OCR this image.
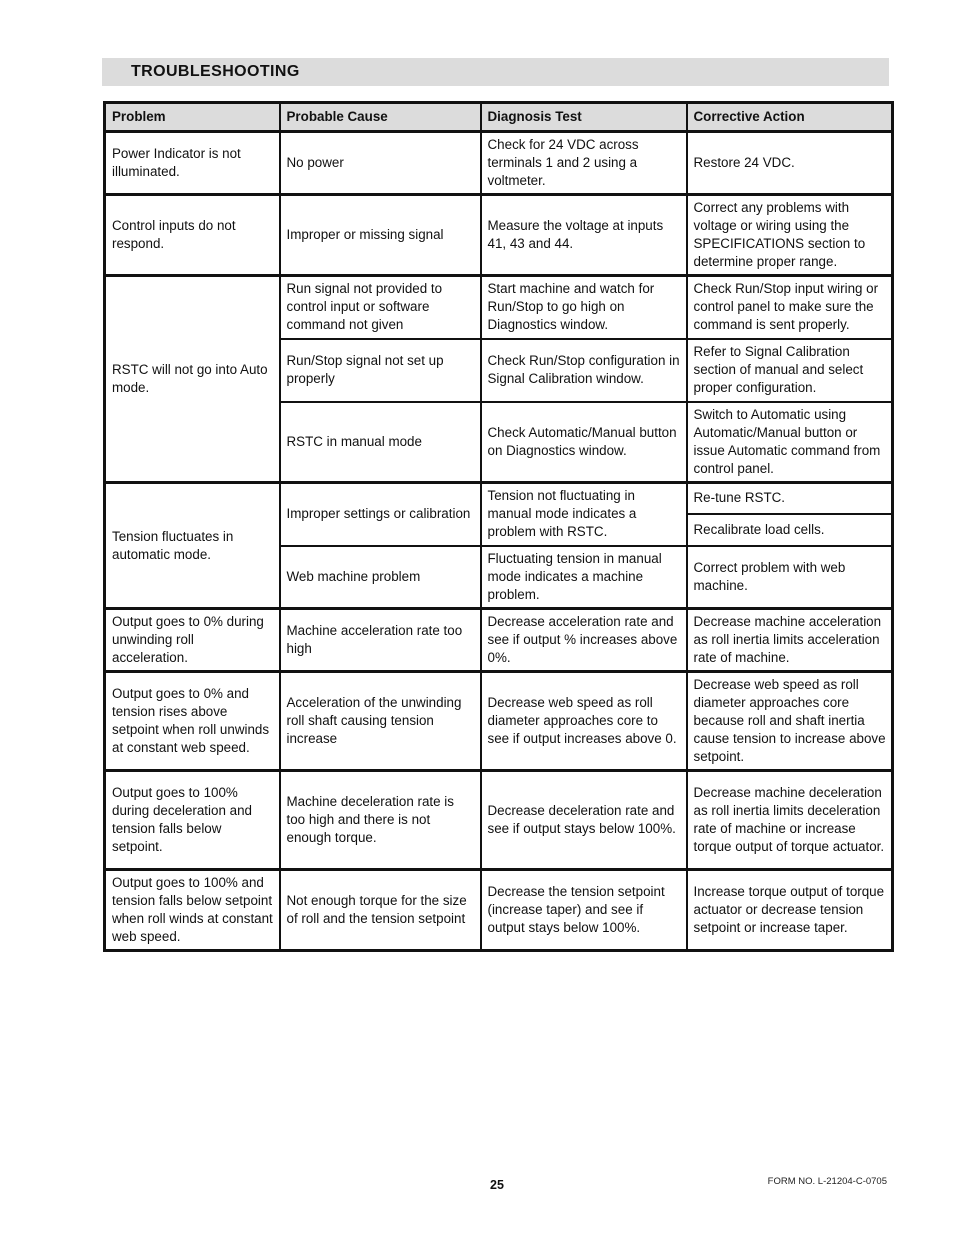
TROUBLESHOOTING
Problem	Probable Cause	Diagnosis Test	Corrective Action
Power Indicator is not illuminated.	No power	Check for 24 VDC across terminals 1 and 2 using a voltmeter.	Restore 24 VDC.
Control inputs do not respond.	Improper or missing signal	Measure the voltage at inputs 41, 43 and 44.	Correct any problems with voltage or wiring using the SPECIFICATIONS section to determine proper range.
RSTC will not go into Auto mode.	Run signal not provided to control input or software command not given	Start machine and watch for Run/Stop to go high on Diagnostics window.	Check Run/Stop input wiring or control panel to make sure the command is sent properly.
	Run/Stop signal not set up properly	Check Run/Stop configuration in Signal Calibration window.	Refer to Signal Calibration section of manual and select proper configuration.
	RSTC in manual mode	Check Automatic/Manual button on Diagnostics window.	Switch to Automatic using Automatic/Manual button or issue Automatic command from control panel.
Tension fluctuates in automatic mode.	Improper settings or calibration	Tension not fluctuating in manual mode indicates a problem with RSTC.	Re-tune RSTC.
			Recalibrate load cells.
	Web machine problem	Fluctuating tension in manual mode indicates a machine problem.	Correct problem with web machine.
Output goes to 0% during unwinding roll acceleration.	Machine acceleration rate too high	Decrease acceleration rate and see if output % increases above 0%.	Decrease machine acceleration as roll inertia limits acceleration rate of machine.
Output goes to 0% and tension rises above setpoint when roll unwinds at constant web speed.	Acceleration of the unwinding roll shaft causing tension increase	Decrease web speed as roll diameter approaches core to see if output increases above 0.	Decrease web speed as roll diameter approaches core because roll and shaft inertia cause tension to increase above setpoint.
Output goes to 100% during deceleration and tension falls below setpoint.	Machine deceleration rate is too high and there is not enough torque.	Decrease deceleration rate and see if output stays below 100%.	Decrease machine deceleration as roll inertia limits deceleration rate of machine or increase torque output of torque actuator.
Output goes to 100% and tension falls below setpoint when roll winds at constant web speed.	Not enough torque for the size of roll and the tension setpoint	Decrease the tension setpoint (increase taper) and see if output stays below 100%.	Increase torque output of torque actuator or decrease tension setpoint or increase taper.
25	FORM NO. L-21204-C-0705
